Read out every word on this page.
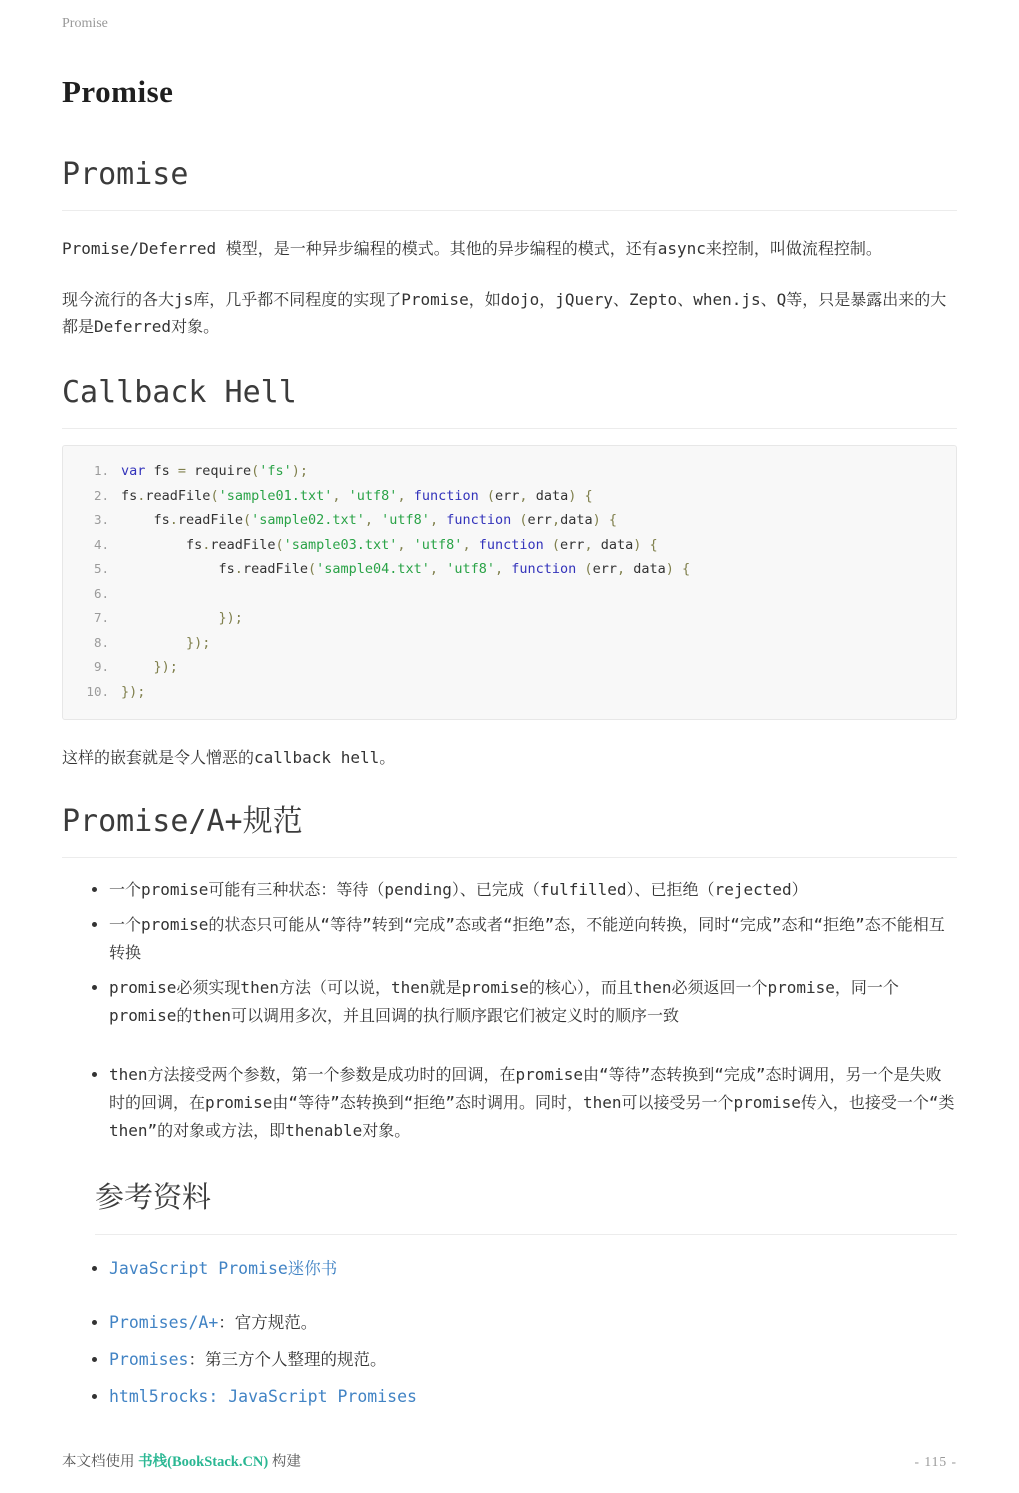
Promise
Promise
Promise

Promise/Deferred 模型，是一种异步编程的模式。其他的异步编程的模式，还有async来控制，叫做流程控制。

现今流行的各大js库，几乎都不同程度的实现了Promise，如dojo，jQuery、Zepto、when.js、Q等，只是暴露出来的大都是Deferred对象。

Callback Hell
1. var fs = require('fs');
2. fs.readFile('sample01.txt', 'utf8', function (err, data) {
3.    fs.readFile('sample02.txt', 'utf8', function (err,data) {
4.        fs.readFile('sample03.txt', 'utf8', function (err, data) {
5.            fs.readFile('sample04.txt', 'utf8', function (err, data) {
6.
7.	});
8.	});
9.	});
10. });

这样的嵌套就是令人憎恶的callback hell。

Promise/A+规范
• 一个promise可能有三种状态：等待（pending）、已完成（fulfilled）、已拒绝（rejected）
• 一个promise的状态只可能从“等待”转到“完成”态或者“拒绝”态，不能逆向转换，同时“完成”态和“拒绝”态不能相互转换
• promise必须实现then方法（可以说，then就是promise的核心），而且then必须返回一个promise，同一个promise的then可以调用多次，并且回调的执行顺序跟它们被定义时的顺序一致
• then方法接受两个参数，第一个参数是成功时的回调，在promise由“等待”态转换到“完成”态时调用，另一个是失败时的回调，在promise由“等待”态转换到“拒绝”态时调用。同时，then可以接受另一个promise传入，也接受一个“类then”的对象或方法，即thenable对象。
参考资料
• JavaScript Promise迷你书
• Promises/A+：官方规范。
• Promises：第三方个人整理的规范。
• html5rocks: JavaScript Promises
本文档使用 书栈(BookStack.CN) 构建	- 115 -
